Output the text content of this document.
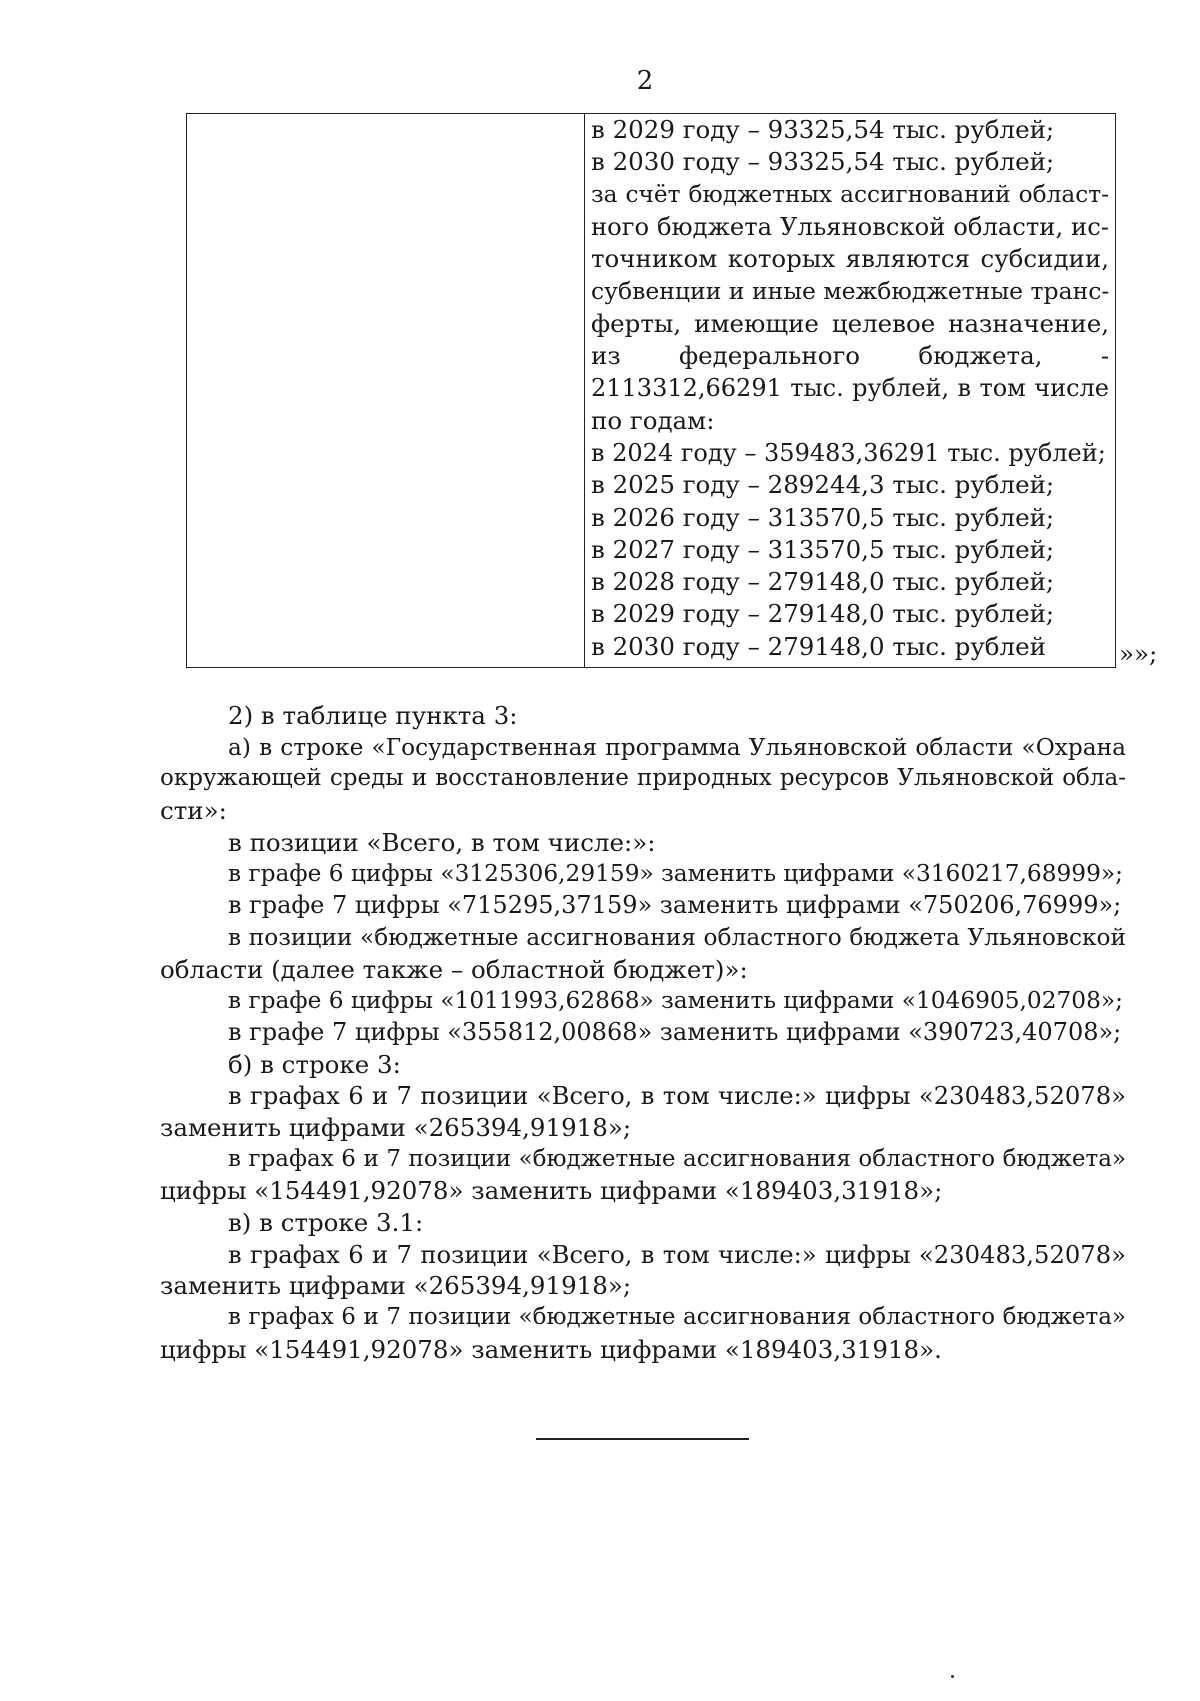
2
в 2029 году – 93325,54 тыс. рублей;
в 2030 году – 93325,54 тыс. рублей;
за счёт бюджетных ассигнований област-
ного бюджета Ульяновской области, ис-
точником которых являются субсидии,
субвенции и иные межбюджетные транс-
ферты, имеющие целевое назначение,
из федерального бюджета, -
2113312,66291 тыс. рублей, в том числе
по годам:
в 2024 году – 359483,36291 тыс. рублей;
в 2025 году – 289244,3 тыс. рублей;
в 2026 году – 313570,5 тыс. рублей;
в 2027 году – 313570,5 тыс. рублей;
в 2028 году – 279148,0 тыс. рублей;
в 2029 году – 279148,0 тыс. рублей;
в 2030 году – 279148,0 тыс. рублей	»»;
2) в таблице пункта 3:
а) в строке «Государственная программа Ульяновской области «Охрана
окружающей среды и восстановление природных ресурсов Ульяновской обла-
сти»:
в позиции «Всего, в том числе:»:
в графе 6 цифры «3125306,29159» заменить цифрами «3160217,68999»;
в графе 7 цифры «715295,37159» заменить цифрами «750206,76999»;
в позиции «бюджетные ассигнования областного бюджета Ульяновской
области (далее также – областной бюджет)»:
в графе 6 цифры «1011993,62868» заменить цифрами «1046905,02708»;
в графе 7 цифры «355812,00868» заменить цифрами «390723,40708»;
б) в строке 3:
в графах 6 и 7 позиции «Всего, в том числе:» цифры «230483,52078»
заменить цифрами «265394,91918»;
в графах 6 и 7 позиции «бюджетные ассигнования областного бюджета»
цифры «154491,92078» заменить цифрами «189403,31918»;
в) в строке 3.1:
в графах 6 и 7 позиции «Всего, в том числе:» цифры «230483,52078»
заменить цифрами «265394,91918»;
в графах 6 и 7 позиции «бюджетные ассигнования областного бюджета»
цифры «154491,92078» заменить цифрами «189403,31918».
